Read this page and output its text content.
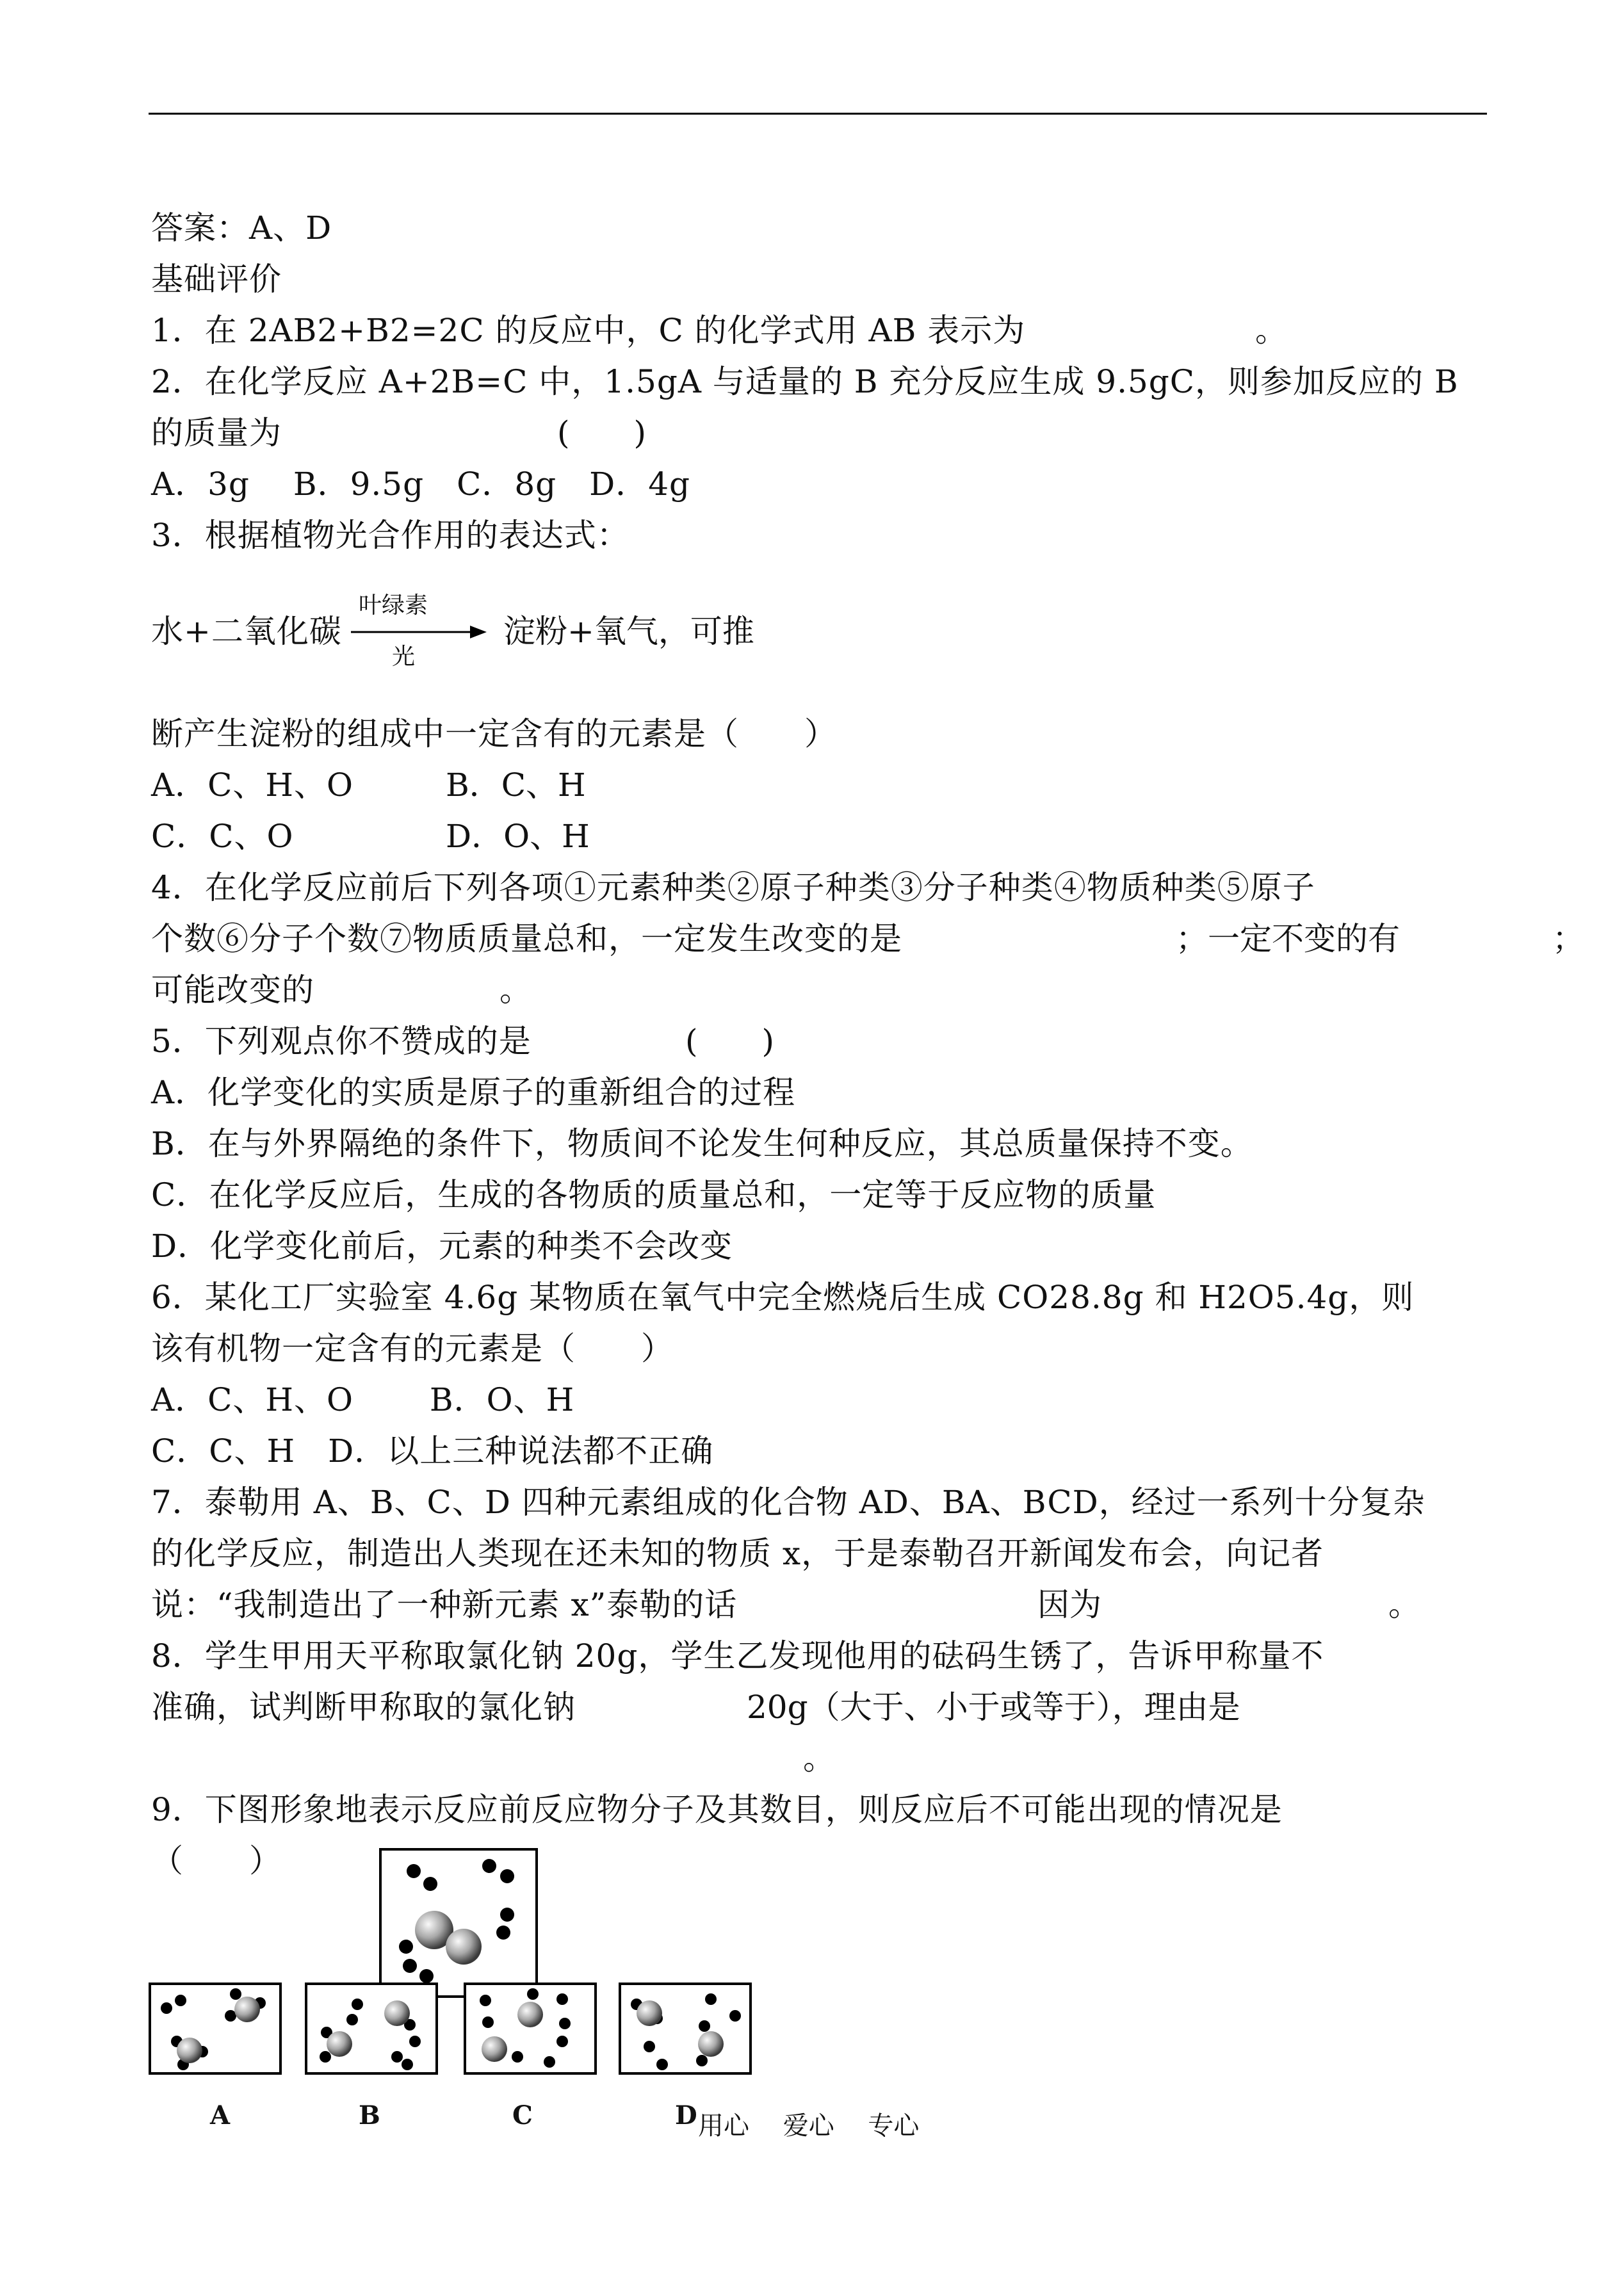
答案：A、D
基础评价
1．在 2AB2+B2=2C 的反应中，C 的化学式用 AB 表示为	。
2．在化学反应 A+2B=C 中，1.5gA 与适量的 B 充分反应生成 9.5gC，则参加反应的 B
的质量为	(　　)
A．3g　 B．9.5g　C．8g　D．4g
3．根据植物光合作用的表达式：
水+二氧化碳
叶绿素
光
淀粉+氧气，可推
断产生淀粉的组成中一定含有的元素是（　　）
A．C、H、O	B．C、H
C．C、O	D．O、H
4．在化学反应前后下列各项①元素种类②原子种类③分子种类④物质种类⑤原子
个数⑥分子个数⑦物质质量总和，一定发生改变的是	；一定不变的有	；
可能改变的	。
5．下列观点你不赞成的是	(　　)
A．化学变化的实质是原子的重新组合的过程
B．在与外界隔绝的条件下，物质间不论发生何种反应，其总质量保持不变。
C．在化学反应后，生成的各物质的质量总和，一定等于反应物的质量
D．化学变化前后，元素的种类不会改变
6．某化工厂实验室 4.6g 某物质在氧气中完全燃烧后生成 CO28.8g 和 H2O5.4g，则
该有机物一定含有的元素是（　　）
A．C、H、O　　 B．O、H
C．C、H　D．以上三种说法都不正确
7．泰勒用 A、B、C、D 四种元素组成的化合物 AD、BA、BCD，经过一系列十分复杂
的化学反应，制造出人类现在还未知的物质 x，于是泰勒召开新闻发布会，向记者
说：“我制造出了一种新元素 x”泰勒的话	因为	。
8．学生甲用天平称取氯化钠 20g，学生乙发现他用的砝码生锈了，告诉甲称量不
准确，试判断甲称取的氯化钠	20g（大于、小于或等于），理由是
。
9．下图形象地表示反应前反应物分子及其数目，则反应后不可能出现的情况是
（　　）
A	B	C	D 用心　 爱心　 专心
